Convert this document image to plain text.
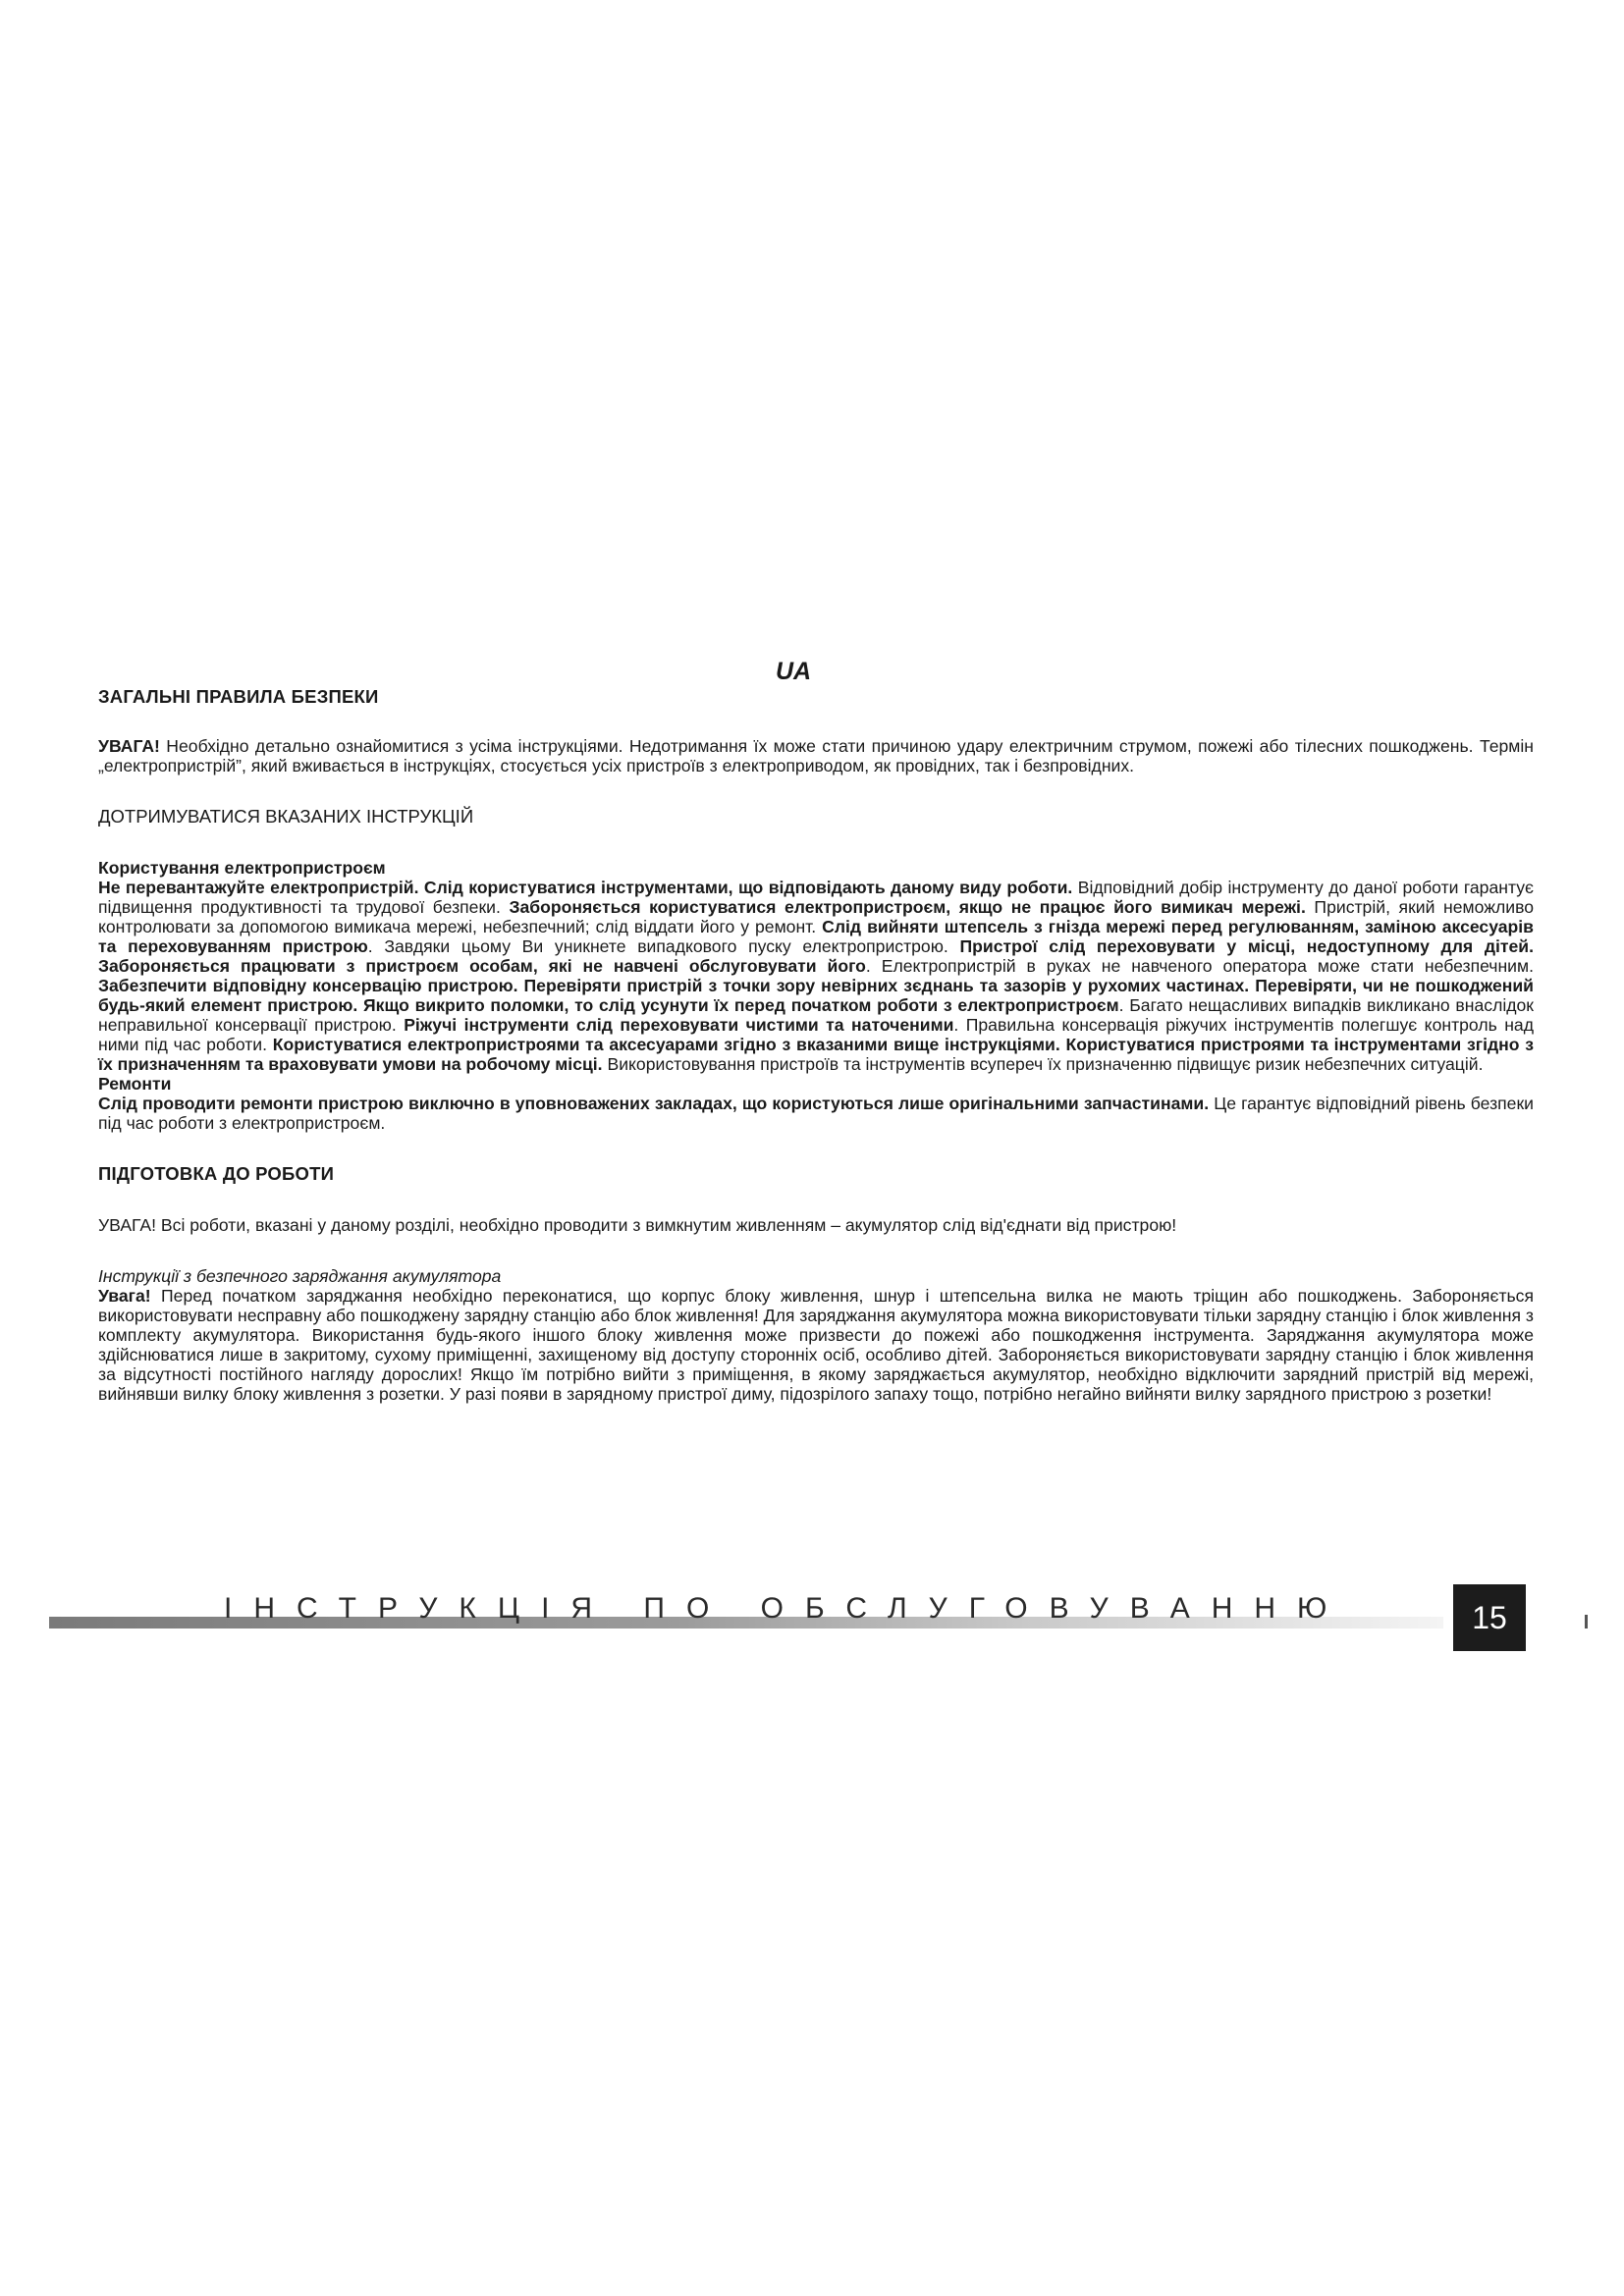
UA

ЗАГАЛЬНІ ПРАВИЛА БЕЗПЕКИ

УВАГА! Необхідно детально ознайомитися з усіма інструкціями. Недотримання їх може стати причиною удару електричним струмом, пожежі або тілесних пошкоджень. Термін „електропристрій”, який вживається в інструкціях, стосується усіх пристроїв з електроприводом, як провідних, так і безпровідних.

ДОТРИМУВАТИСЯ ВКАЗАНИХ ІНСТРУКЦІЙ

Користування електропристроєм

Не перевантажуйте електропристрій. Слід користуватися інструментами, що відповідають даному виду роботи. Відповідний добір інструменту до даної роботи гарантує підвищення продуктивності та трудової безпеки. Забороняється користуватися електропристроєм, якщо не працює його вимикач мережі. Пристрій, який неможливо контролювати за допомогою вимикача мережі, небезпечний; слід віддати його у ремонт. Слід вийняти штепсель з гнізда мережі перед регулюванням, заміною аксесуарів та переховуванням пристрою. Завдяки цьому Ви уникнете випадкового пуску електропристрою. Пристрої слід переховувати у місці, недоступному для дітей. Забороняється працювати з пристроєм особам, які не навчені обслуговувати його. Електропристрій в руках не навченого оператора може стати небезпечним. Забезпечити відповідну консервацію пристрою. Перевіряти пристрій з точки зору невірних зєднань та зазорів у рухомих частинах. Перевіряти, чи не пошкоджений будь-який елемент пристрою. Якщо викрито поломки, то слід усунути їх перед початком роботи з електропристроєм. Багато нещасливих випадків викликано внаслідок неправильної консервації пристрою. Ріжучі інструменти слід переховувати чистими та наточеними. Правильна консервація ріжучих інструментів полегшує контроль над ними під час роботи. Користуватися електропристроями та аксесуарами згідно з вказаними вище інструкціями. Користуватися пристроями та інструментами згідно з їх призначенням та враховувати умови на робочому місці. Використовування пристроїв та інструментів всупереч їх призначенню підвищує ризик небезпечних ситуацій.

Ремонти

Слід проводити ремонти пристрою виключно в уповноважених закладах, що користуються лише оригінальними запчастинами. Це гарантує відповідний рівень безпеки під час роботи з електропристроєм.

ПІДГОТОВКА ДО РОБОТИ

УВАГА! Всі роботи, вказані у даному розділі, необхідно проводити з вимкнутим живленням – акумулятор слід від'єднати від пристрою!

Інструкції з безпечного заряджання акумулятора

Увага! Перед початком заряджання необхідно переконатися, що корпус блоку живлення, шнур і штепсельна вилка не мають тріщин або пошкоджень. Забороняється використовувати несправну або пошкоджену зарядну станцію або блок живлення! Для заряджання акумулятора можна використовувати тільки зарядну станцію і блок живлення з комплекту акумулятора. Використання будь-якого іншого блоку живлення може призвести до пожежі або пошкодження інструмента. Заряджання акумулятора може здійснюватися лише в закритому, сухому приміщенні, захищеному від доступу сторонніх осіб, особливо дітей. Забороняється використовувати зарядну станцію і блок живлення за відсутності постійного нагляду дорослих! Якщо їм потрібно вийти з приміщення, в якому заряджається акумулятор, необхідно відключити зарядний пристрій від мережі, вийнявши вилку блоку живлення з розетки. У разі появи в зарядному пристрої диму, підозрілого запаху тощо, потрібно негайно вийняти вилку зарядного пристрою з розетки!

ІНСТРУКЦІЯ ПО ОБСЛУГОВУВАННЮ	15
